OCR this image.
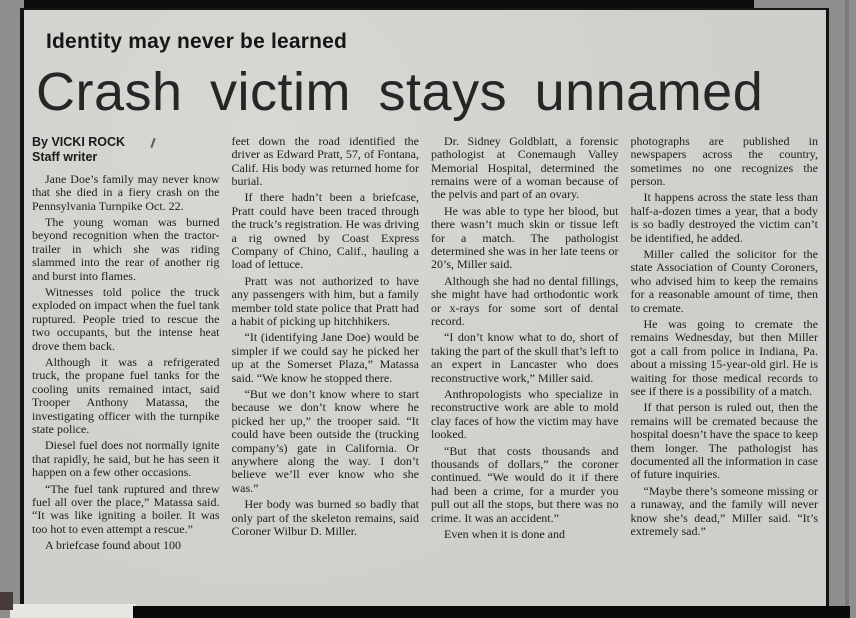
Identity may never be learned
Crash victim stays unnamed
By VICKI ROCK
Staff writer

Jane Doe’s family may never know that she died in a fiery crash on the Pennsylvania Turnpike Oct. 22.

The young woman was burned beyond recognition when the tractor-trailer in which she was riding slammed into the rear of another rig and burst into flames.

Witnesses told police the truck exploded on impact when the fuel tank ruptured. People tried to rescue the two occupants, but the intense heat drove them back.

Although it was a refrigerated truck, the propane fuel tanks for the cooling units remained intact, said Trooper Anthony Matassa, the investigating officer with the turnpike state police.

Diesel fuel does not normally ignite that rapidly, he said, but he has seen it happen on a few other occasions.

“The fuel tank ruptured and threw fuel all over the place,” Matassa said. “It was like igniting a boiler. It was too hot to even attempt a rescue.”

A briefcase found about 100

feet down the road identified the driver as Edward Pratt, 57, of Fontana, Calif. His body was returned home for burial.

If there hadn’t been a briefcase, Pratt could have been traced through the truck’s registration. He was driving a rig owned by Coast Express Company of Chino, Calif., hauling a load of lettuce.

Pratt was not authorized to have any passengers with him, but a family member told state police that Pratt had a habit of picking up hitchhikers.

“It (identifying Jane Doe) would be simpler if we could say he picked her up at the Somerset Plaza,” Matassa said. “We know he stopped there.

“But we don’t know where to start because we don’t know where he picked her up,” the trooper said. “It could have been outside the (trucking company’s) gate in California. Or anywhere along the way. I don’t believe we’ll ever know who she was.”

Her body was burned so badly that only part of the skeleton remains, said Coroner Wilbur D. Miller.

Dr. Sidney Goldblatt, a forensic pathologist at Conemaugh Valley Memorial Hospital, determined the remains were of a woman because of the pelvis and part of an ovary.

He was able to type her blood, but there wasn’t much skin or tissue left for a match. The pathologist determined she was in her late teens or 20’s, Miller said.

Although she had no dental fillings, she might have had orthodontic work or x-rays for some sort of dental record.

“I don’t know what to do, short of taking the part of the skull that’s left to an expert in Lancaster who does reconstructive work,” Miller said.

Anthropologists who specialize in reconstructive work are able to mold clay faces of how the victim may have looked.

“But that costs thousands and thousands of dollars,” the coroner continued. “We would do it if there had been a crime, for a murder you pull out all the stops, but there was no crime. It was an accident.”

Even when it is done and

photographs are published in newspapers across the country, sometimes no one recognizes the person.

It happens across the state less than half-a-dozen times a year, that a body is so badly destroyed the victim can’t be identified, he added.

Miller called the solicitor for the state Association of County Coroners, who advised him to keep the remains for a reasonable amount of time, then to cremate.

He was going to cremate the remains Wednesday, but then Miller got a call from police in Indiana, Pa. about a missing 15-year-old girl. He is waiting for those medical records to see if there is a possibility of a match.

If that person is ruled out, then the remains will be cremated because the hospital doesn’t have the space to keep them longer. The pathologist has documented all the information in case of future inquiries.

“Maybe there’s someone missing or a runaway, and the family will never know she’s dead,” Miller said. “It’s extremely sad.”
